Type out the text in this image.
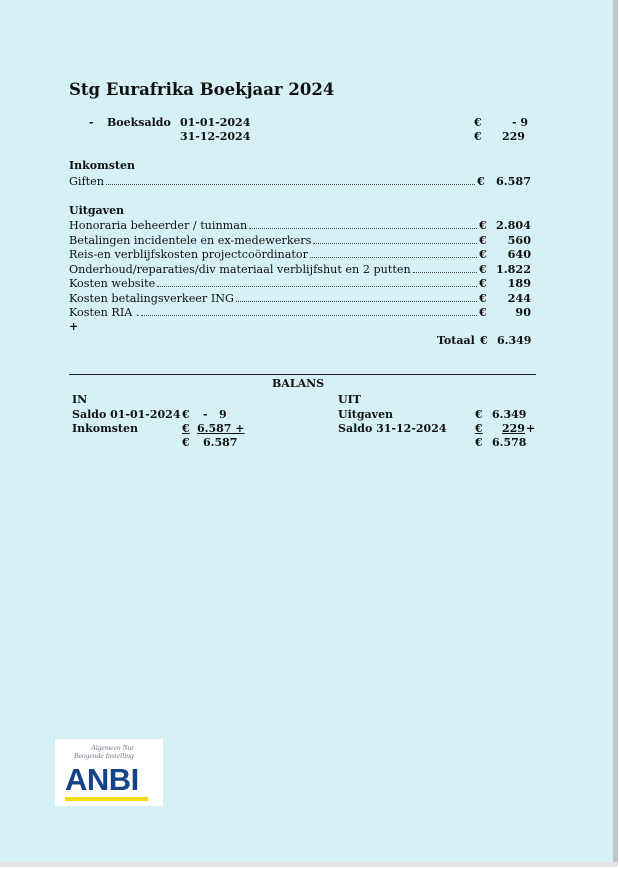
Stg Eurafrika Boekjaar 2024
- Boeksaldo 01-01-2024	€	- 9
31-12-2024	€ 229
Inkomsten
Giften	€ 6.587
Uitgaven
Honoraria beheerder / tuinman	€ 2.804
Betalingen incidentele en ex-medewerkers	€ 560
Reis-en verblijfskosten projectcoördinator	€ 640
Onderhoud/reparaties/div materiaal verblijfshut en 2 putten	€ 1.822
Kosten website	€ 189
Kosten betalingsverkeer ING	€ 244
Kosten RIA .	€	90
+
Totaal € 6.349
BALANS
IN
Saldo 01-01-2024 € -   9
Inkomsten	€ 6.587 +
€ 6.587
UIT
Uitgaven	€ 6.349
Saldo 31-12-2024	€	229 +
€ 6.578
Algemeen Nut
Beogende Instelling
ANBI
